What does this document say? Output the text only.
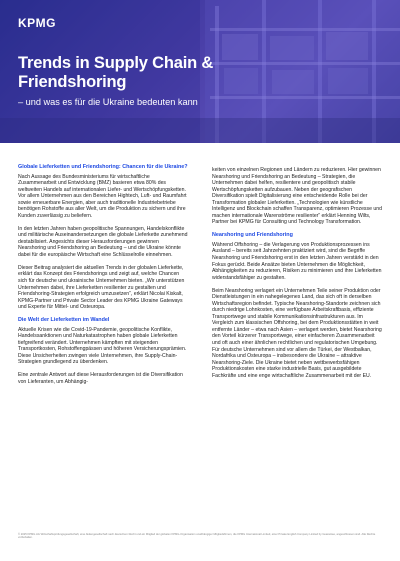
KPMG
Trends in Supply Chain &
Friendshoring
– und was es für die Ukraine bedeuten kann
Globale Lieferketten und Friendshoring: Chancen für die Ukraine?

Nach Aussage des Bundesministeriums für wirtschaftliche Zusammenarbeit und Entwicklung (BMZ) basieren etwa 80% des weltweiten Handels auf internationalen Liefer- und Wertschöpfungsketten. Vor allem Unternehmen aus den Bereichen Hightech, Luft- und Raumfahrt sowie erneuerbare Energien, aber auch traditionelle Industriebetriebe benötigen Rohstoffe aus aller Welt, um die Produktion zu sichern und ihre Kunden zuverlässig zu beliefern.

In den letzten Jahren haben geopolitische Spannungen, Handelskonflikte und militärische Auseinandersetzungen die globale Lieferkette zunehmend destabilisiert. Angesichts dieser Herausforderungen gewinnen Nearshoring und Friendshoring an Bedeutung – und die Ukraine könnte dabei für die europäische Wirtschaft eine Schlüsselrolle einnehmen.

Dieser Beitrag analysiert die aktuellen Trends in der globalen Lieferkette, erklärt das Konzept des Friendshorings und zeigt auf, welche Chancen sich für deutsche und ukrainische Unternehmen bieten. „Wir unterstützen Unternehmen dabei, ihre Lieferketten resilienter zu gestalten und Friendshoring-Strategien erfolgreich umzusetzen“, erklärt Nicolai Kiskalt, KPMG-Partner und Private Sector Leader des KPMG Ukraine Gateways und Experte für Mittel- und Osteuropa.

Die Welt der Lieferketten im Wandel

Aktuelle Krisen wie die Covid-19-Pandemie, geopolitische Konflikte, Handelssanktionen und Naturkatastrophen haben globale Lieferketten tiefgreifend verändert. Unternehmen kämpften mit steigenden Transportkosten, Rohstoffengpässen und höheren Versicherungsprämien. Diese Unsicherheiten zwingen viele Unternehmen, ihre Supply-Chain-Strategien grundlegend zu überdenken.

Eine zentrale Antwort auf diese Herausforderungen ist die Diversifikation von Lieferanten, um Abhängig-

keiten von einzelnen Regionen und Ländern zu reduzieren. Hier gewinnen Nearshoring und Friendshoring an Bedeutung – Strategien, die Unternehmen dabei helfen, resilientere und geopolitisch stabile Wertschöpfungsketten aufzubauen. Neben der geografischen Diversifikation spielt Digitalisierung eine entscheidende Rolle bei der Transformation globaler Lieferketten. „Technologien wie künstliche Intelligenz und Blockchain schaffen Transparenz, optimieren Prozesse und machen internationale Warenströme resilienter“ erklärt Henning Wilts, Partner bei KPMG für Consulting und Technology Transformation.

Nearshoring und Friendshoring

Während Offshoring – die Verlagerung von Produktionsprozessen ins Ausland – bereits seit Jahrzehnten praktiziert wird, sind die Begriffe Nearshoring und Friendshoring erst in den letzten Jahren verstärkt in den Fokus gerückt. Beide Ansätze bieten Unternehmen die Möglichkeit, Abhängigkeiten zu reduzieren, Risiken zu minimieren und ihre Lieferketten widerstandsfähiger zu gestalten.

Beim Nearshoring verlagert ein Unternehmen Teile seiner Produktion oder Dienstleistungen in ein nahegelegenes Land, das sich oft in derselben Wirtschaftsregion befindet. Typische Nearshoring-Standorte zeichnen sich durch niedrige Lohnkosten, eine verfügbare Arbeitskraftbasis, effiziente Transportwege und stabile Kommunikationsinfrastrukturen aus. Im Vergleich zum klassischen Offshoring, bei dem Produktionsstätten in weit entfernte Länder – etwa nach Asien – verlagert werden, bietet Nearshoring den Vorteil kürzerer Transportwege, einer einfacheren Zusammenarbeit und oft auch einer ähnlichen rechtlichen und regulatorischen Umgebung. Für deutsche Unternehmen sind vor allem die Türkei, der Westbalkan, Nordafrika und Osteuropa – insbesondere die Ukraine – attraktive Nearshoring-Ziele. Die Ukraine bietet neben wettbewerbsfähigen Produktionskosten eine starke industrielle Basis, gut ausgebildete Fachkräfte und eine enge wirtschaftliche Zusammenarbeit mit der EU.

© 2025 KPMG AG Wirtschaftsprüfungsgesellschaft, eine Aktiengesellschaft nach deutschem Recht und ein Mitglied der globalen KPMG-Organisation unabhängiger Mitgliedsfirmen, die KPMG International Limited, einer Private English Company Limited by Guarantee, angeschlossen sind. Alle Rechte vorbehalten.
